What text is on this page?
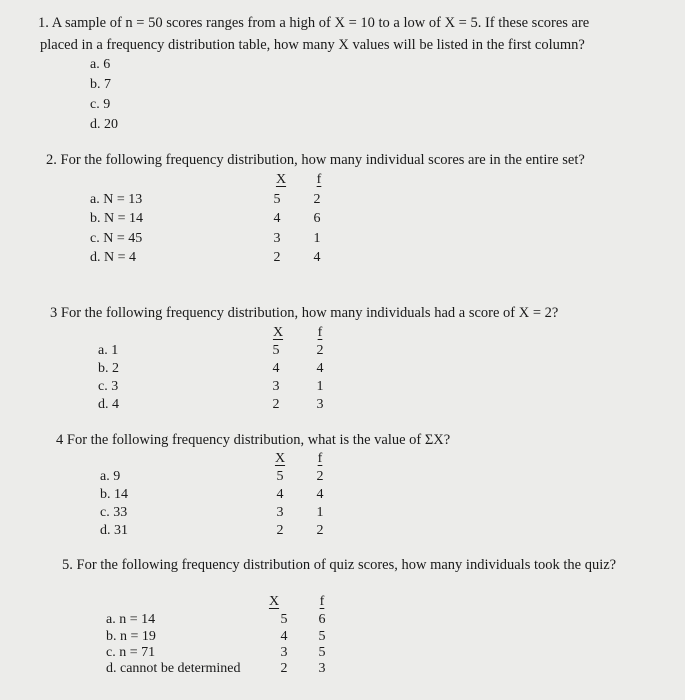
1. A sample of n = 50 scores ranges from a high of X = 10 to a low of X = 5. If these scores are
placed in a frequency distribution table, how many X values will be listed in the first column?
a. 6
b. 7
c. 9
d. 20
2. For the following frequency distribution, how many individual scores are in the entire set?
a. N = 13
b. N = 14
c. N = 45
d. N = 4
X	f
5	2
4	6
3	1
2	4
3 For the following frequency distribution, how many individuals had a score of X = 2?
a. 1
b. 2
c. 3
d. 4
X	f
5	2
4	4
3	1
2	3
4 For the following frequency distribution, what is the value of ΣX?
a. 9
b. 14
c. 33
d. 31
X	f
5	2
4	4
3	1
2	2
5. For the following frequency distribution of quiz scores, how many individuals took the quiz?
a. n = 14
b. n = 19
c. n = 71
d. cannot be determined
X	f
5	6
4	5
3	5
2	3
